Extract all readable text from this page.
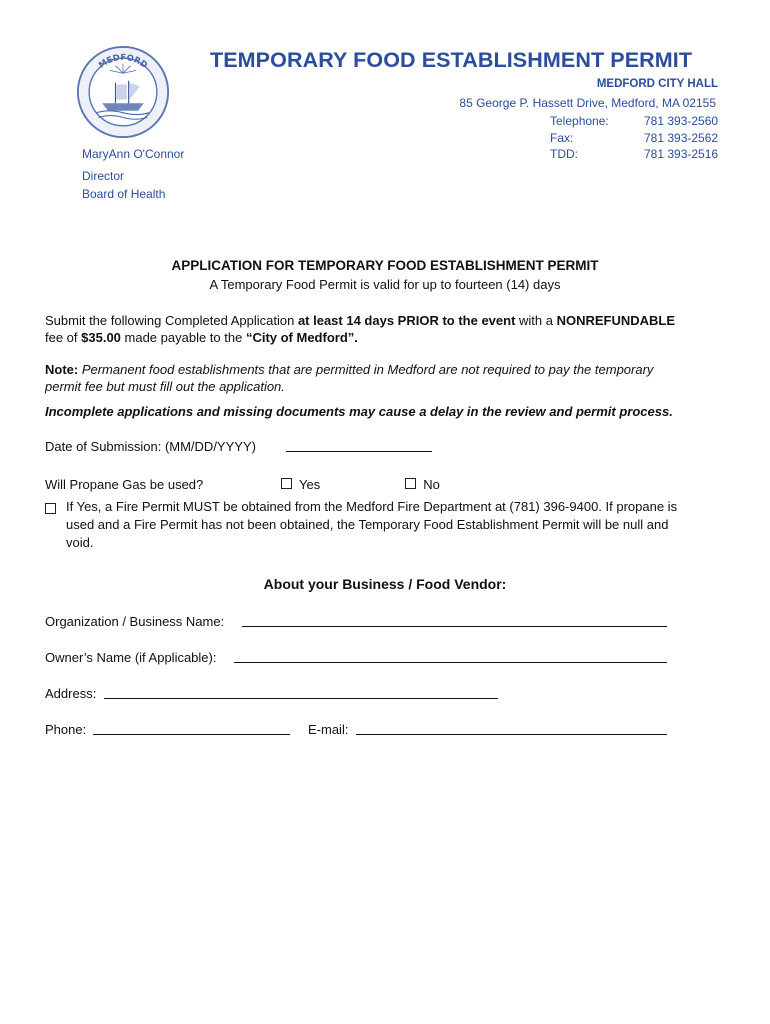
MEDFORD	TEMPORARY FOOD ESTABLISHMENT PERMIT
MEDFORD CITY HALL
85 George P. Hassett Drive, Medford, MA 02155
Telephone:	781 393-2560
Fax:	781 393-2562
TDD:	781 393-2516
MaryAnn O'Connor
Director
Board of Health
APPLICATION FOR TEMPORARY FOOD ESTABLISHMENT PERMIT
A Temporary Food Permit is valid for up to fourteen (14) days
Submit the following Completed Application at least 14 days PRIOR to the event with a NONREFUNDABLE
fee of $35.00 made payable to the “City of Medford”.
Note: Permanent food establishments that are permitted in Medford are not required to pay the temporary
permit fee but must fill out the application.
Incomplete applications and missing documents may cause a delay in the review and permit process.
Date of Submission: (MM/DD/YYYY)
Will Propane Gas be used?	Yes	No
If Yes, a Fire Permit MUST be obtained from the Medford Fire Department at (781) 396-9400. If propane is
used and a Fire Permit has not been obtained, the Temporary Food Establishment Permit will be null and
void.
About your Business / Food Vendor:
Organization / Business Name:
Owner’s Name (if Applicable):
Address:
Phone:	E-mail:
